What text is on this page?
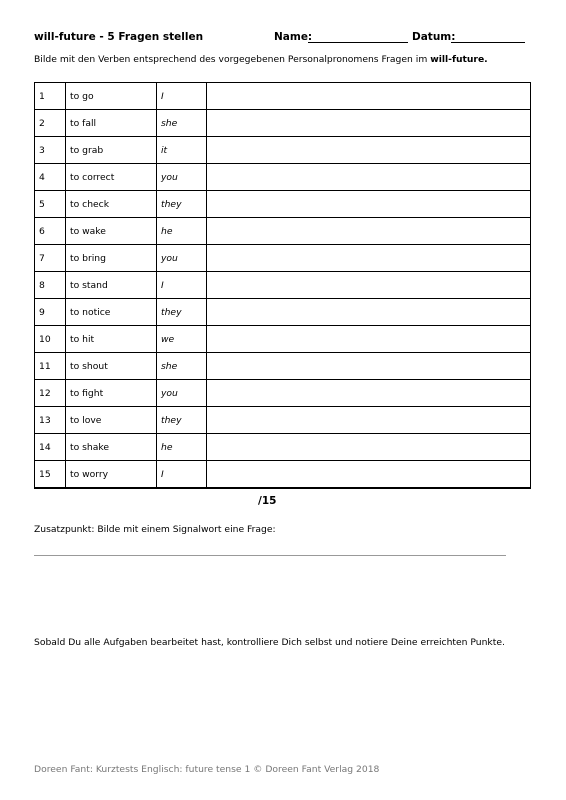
will-future - 5 Fragen stellen	Name:	Datum:
Bilde mit den Verben entsprechend des vorgegebenen Personalpronomens Fragen im will-future.
1	to go	I	
2	to fall	she	
3	to grab	it	
4	to correct	you	
5	to check	they	
6	to wake	he	
7	to bring	you	
8	to stand	I	
9	to notice	they	
10	to hit	we	
11	to shout	she	
12	to fight	you	
13	to love	they	
14	to shake	he	
15	to worry	I	
/15
Zusatzpunkt: Bilde mit einem Signalwort eine Frage:
Sobald Du alle Aufgaben bearbeitet hast, kontrolliere Dich selbst und notiere Deine erreichten Punkte.
Doreen Fant: Kurztests Englisch: future tense 1 © Doreen Fant Verlag 2018
